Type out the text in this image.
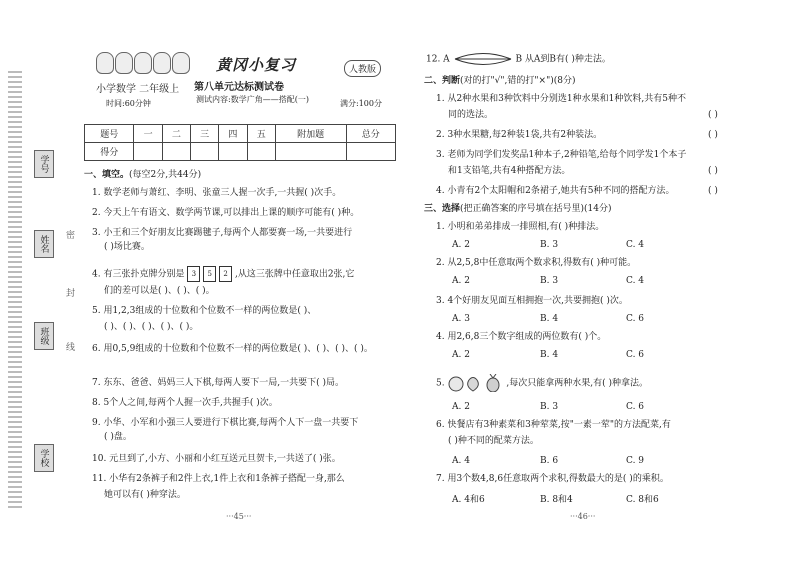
学号
姓名
班级
学校
密
封
线
黄冈小复习	人教版
小学数学 二年级上 第八单元达标测试卷
时间:60分钟	测试内容:数学广角——搭配(一)	满分:100分
题号	一	二	三	四	五	附加题	总分
得分							
一、填空。(每空2分,共44分)
1. 数学老师与萧红、李明、张童三人握一次手,一共握( )次手。
2. 今天上午有语文、数学两节课,可以排出上课的顺序可能有( )种。
3. 小王和三个好朋友比赛踢毽子,每两个人都要赛一场,一共要进行
( )场比赛。
4. 有三张扑克牌分别是 3 5 2 ,从这三张牌中任意取出2张,它
们的差可以是( )、( )、( )。
5. 用1,2,3组成的十位数和个位数不一样的两位数是( )、
( )、( )、( )、( )、( )。
6. 用0,5,9组成的十位数和个位数不一样的两位数是( )、( )、( )、( )。
7. 东东、爸爸、妈妈三人下棋,每两人要下一局,一共要下( )局。
8. 5个人之间,每两个人握一次手,共握手( )次。
9. 小华、小军和小强三人要进行下棋比赛,每两个人下一盘一共要下
( )盘。
10. 元旦到了,小方、小丽和小红互送元旦贺卡,一共送了( )张。
11. 小华有2条裤子和2件上衣,1件上衣和1条裤子搭配一身,那么
她可以有( )种穿法。
···45···
12. A	B 从A到B有( )种走法。
二、判断(对的打"√",错的打"×")(8分)
1. 从2种水果和3种饮料中分别选1种水果和1种饮料,共有5种不
同的选法。	( )
2. 3种水果糖,每2种装1袋,共有2种装法。	( )
3. 老师为同学们发奖品1种本子,2种铅笔,给每个同学发1个本子
和1支铅笔,共有4种搭配方法。	( )
4. 小青有2个太阳帽和2条裙子,她共有5种不同的搭配方法。	( )
三、选择(把正确答案的序号填在括号里)(14分)
1. 小明和弟弟排成一排照相,有( )种排法。
A. 2	B. 3	C. 4
2. 从2,5,8中任意取两个数求积,得数有( )种可能。
A. 2	B. 3	C. 4
3. 4个好朋友见面互相拥抱一次,共要拥抱( )次。
A. 3	B. 4	C. 6
4. 用2,6,8三个数字组成的两位数有( )个。
A. 2	B. 4	C. 6
5.	,每次只能拿两种水果,有( )种拿法。
A. 2	B. 3	C. 6
6. 快餐店有3种素菜和3种荤菜,按"一素一荤"的方法配菜,有
( )种不同的配菜方法。
A. 4	B. 6	C. 9
7. 用3个数4,8,6任意取两个求积,得数最大的是( )的乘积。
A. 4和6	B. 8和4	C. 8和6
···46···
